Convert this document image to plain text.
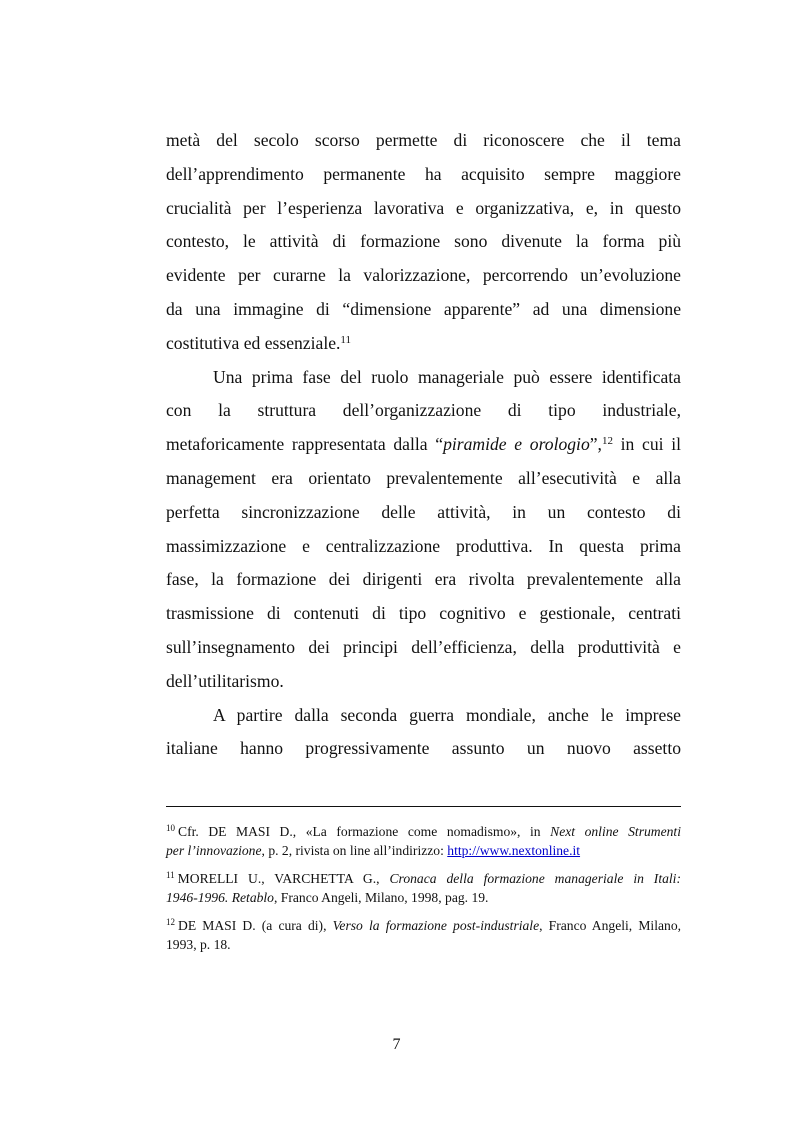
metà del secolo scorso permette di riconoscere che il tema
dell’apprendimento permanente ha acquisito sempre maggiore
crucialità per l’esperienza lavorativa e organizzativa, e, in questo
contesto, le attività di formazione sono divenute la forma più
evidente per curarne la valorizzazione, percorrendo un’evoluzione
da una immagine di “dimensione apparente” ad una dimensione
costitutiva ed essenziale.$^{11}$
Una prima fase del ruolo manageriale può essere identificata
con la struttura dell’organizzazione di tipo industriale,
metaforicamente rappresentata dalla “piramide e orologio”,$^{12}$ in cui il
management era orientato prevalentemente all’esecutività e alla
perfetta sincronizzazione delle attività, in un contesto di
massimizzazione e centralizzazione produttiva. In questa prima
fase, la formazione dei dirigenti era rivolta prevalentemente alla
trasmissione di contenuti di tipo cognitivo e gestionale, centrati
sull’insegnamento dei principi dell’efficienza, della produttività e
dell’utilitarismo.
A partire dalla seconda guerra mondiale, anche le imprese
italiane hanno progressivamente assunto un nuovo assetto
$^{10}$ Cfr. DE MASI D., «La formazione come nomadismo», in Next online Strumenti
per l’innovazione, p. 2, rivista on line all’indirizzo: http://www.nextonline.it
$^{11}$ MORELLI U., VARCHETTA G., Cronaca della formazione manageriale in Itali:
1946-1996. Retablo, Franco Angeli, Milano, 1998, pag. 19.
$^{12}$ DE MASI D. (a cura di), Verso la formazione post-industriale, Franco Angeli, Milano,
1993, p. 18.
7
